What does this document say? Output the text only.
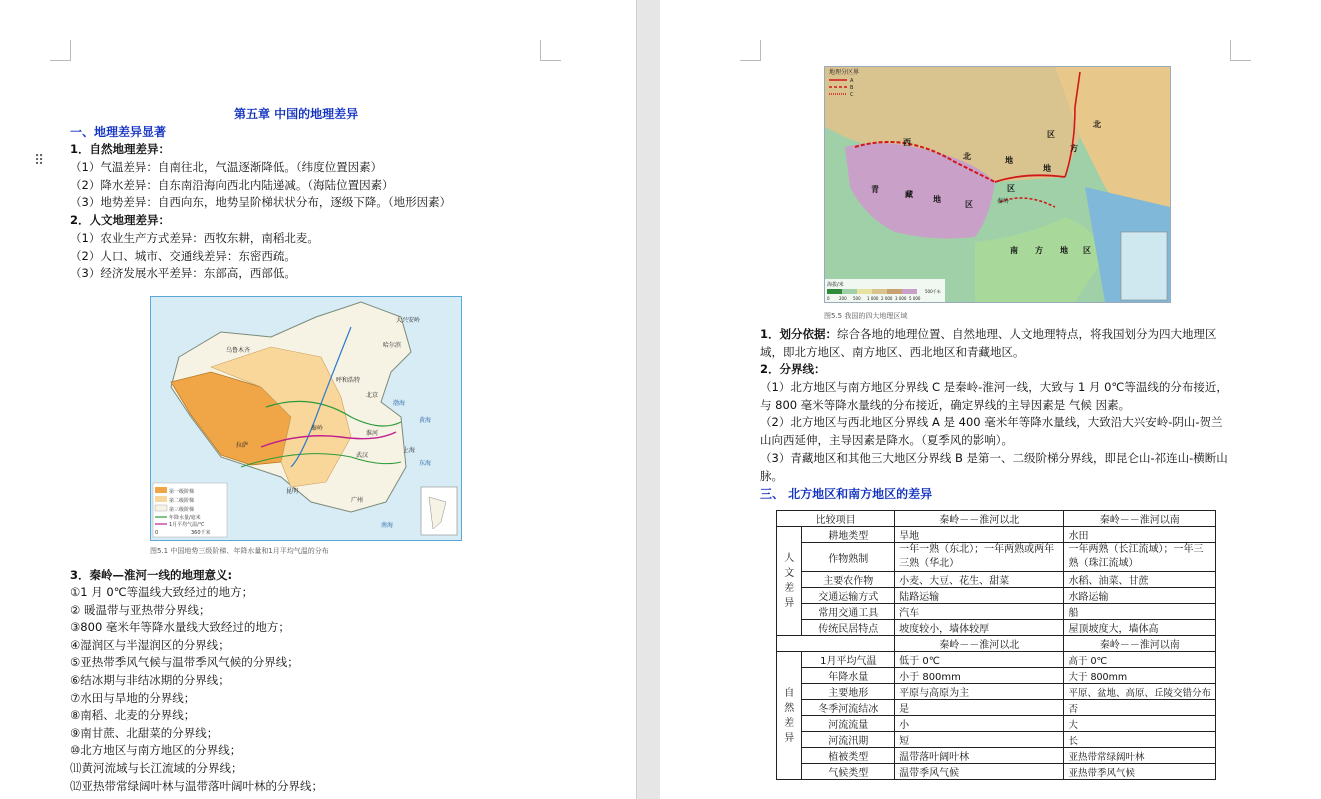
⠿
第五章 中国的地理差异
一、地理差异显著
1．自然地理差异：
（1）气温差异：自南往北，气温逐渐降低。（纬度位置因素）
（2）降水差异：自东南沿海向西北内陆递减。（海陆位置因素）
（3）地势差异：自西向东，地势呈阶梯状状分布，逐级下降。（地形因素）
2．人文地理差异：
（1）农业生产方式差异：西牧东耕，南稻北麦。
（2）人口、城市、交通线差异：东密西疏。
（3）经济发展水平差异：东部高，西部低。
第一级阶梯
第二级阶梯
第三级阶梯
年降水量/毫米
1月平均气温/℃
0	360千米
乌鲁木齐
拉萨
昆明
哈尔滨
呼和浩特
北京
武汉
上海
广州
秦岭
淮河
大兴安岭
渤海
黄海
东海
南海
图5.1 中国地势三级阶梯、年降水量和1月平均气温的分布
3．秦岭—淮河一线的地理意义:
①1 月 0℃等温线大致经过的地方；
② 暖温带与亚热带分界线；
③800 毫米年等降水量线大致经过的地方；
④湿润区与半湿润区的分界线；
⑤亚热带季风气候与温带季风气候的分界线；
⑥结冰期与非结冰期的分界线；
⑦水田与旱地的分界线；
⑧南稻、北麦的分界线；
⑨南甘蔗、北甜菜的分界线；
⑩北方地区与南方地区的分界线；
⑾黄河流域与长江流域的分界线；
⑿亚热带常绿阔叶林与温带落叶阔叶林的分界线；
地理分区界
A
B
C
西
北	地
区
北
方
地
区
青
藏
地
区
南 方 地 区
秦岭
海拔/米
0 200 500 1 000 2 000 3 000 5 000
500千米
图5.5 我国的四大地理区域
1．划分依据：综合各地的地理位置、自然地理、人文地理特点，将我国划分为四大地理区域，即北方地区、南方地区、西北地区和青藏地区。
2．分界线：
（1）北方地区与南方地区分界线 C 是秦岭-淮河一线，大致与 1 月 0℃等温线的分布接近，与 800 毫米等降水量线的分布接近，确定界线的主导因素是 气候 因素。
（2）北方地区与西北地区分界线 A 是 400 毫米年等降水量线，大致沿大兴安岭-阴山-贺兰山向西延伸，主导因素是降水。（夏季风的影响）。
（3）青藏地区和其他三大地区分界线 B 是第一、二级阶梯分界线，即昆仑山-祁连山-横断山脉。
三、 北方地区和南方地区的差异
比较项目		秦岭－－淮河以北	秦岭－－淮河以南
人
文
差
异	耕地类型	旱地	水田
	作物熟制	一年一熟（东北）；一年两熟或两年三熟（华北）	一年两熟（长江流域）；一年三熟（珠江流域）
	主要农作物	小麦、大豆、花生、甜菜	水稻、油菜、甘蔗
	交通运输方式	陆路运输	水路运输
	常用交通工具	汽车	船
	传统民居特点	坡度较小，墙体较厚	屋顶坡度大，墙体高
		秦岭－－淮河以北	秦岭－－淮河以南
自
然
差
异	1月平均气温	低于 0℃	高于 0℃
	年降水量	小于 800mm	大于 800mm
	主要地形	平原与高原为主	平原、盆地、高原、丘陵交错分布
	冬季河流结冰	是	否
	河流流量	小	大
	河流汛期	短	长
	植被类型	温带落叶阔叶林	亚热带常绿阔叶林
	气候类型	温带季风气候	亚热带季风气候
